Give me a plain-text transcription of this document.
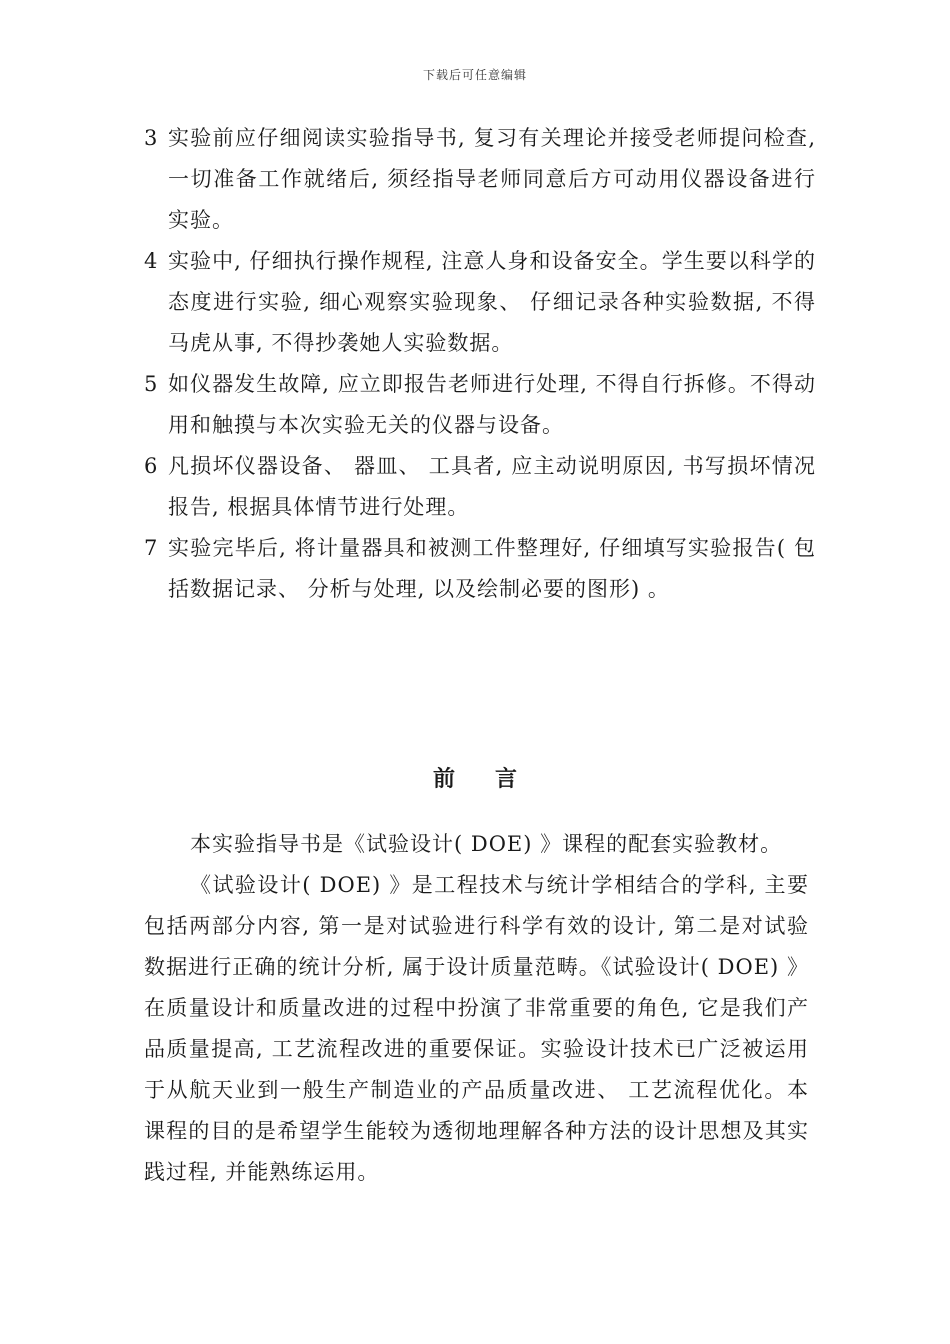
下载后可任意编辑
3 实验前应仔细阅读实验指导书, 复习有关理论并接受老师提问检查, 一切准备工作就绪后, 须经指导老师同意后方可动用仪器设备进行实验。
4 实验中, 仔细执行操作规程, 注意人身和设备安全。学生要以科学的态度进行实验, 细心观察实验现象、 仔细记录各种实验数据, 不得马虎从事, 不得抄袭她人实验数据。
5 如仪器发生故障, 应立即报告老师进行处理, 不得自行拆修。不得动用和触摸与本次实验无关的仪器与设备。
6 凡损坏仪器设备、 器皿、 工具者, 应主动说明原因, 书写损坏情况报告, 根据具体情节进行处理。
7 实验完毕后, 将计量器具和被测工件整理好, 仔细填写实验报告( 包括数据记录、 分析与处理, 以及绘制必要的图形) 。
前言

本实验指导书是《试验设计( DOE) 》课程的配套实验教材。

《试验设计( DOE) 》是工程技术与统计学相结合的学科, 主要包括两部分内容, 第一是对试验进行科学有效的设计, 第二是对试验数据进行正确的统计分析, 属于设计质量范畴。《试验设计( DOE) 》在质量设计和质量改进的过程中扮演了非常重要的角色, 它是我们产品质量提高, 工艺流程改进的重要保证。实验设计技术已广泛被运用于从航天业到一般生产制造业的产品质量改进、 工艺流程优化。本课程的目的是希望学生能较为透彻地理解各种方法的设计思想及其实践过程, 并能熟练运用。
